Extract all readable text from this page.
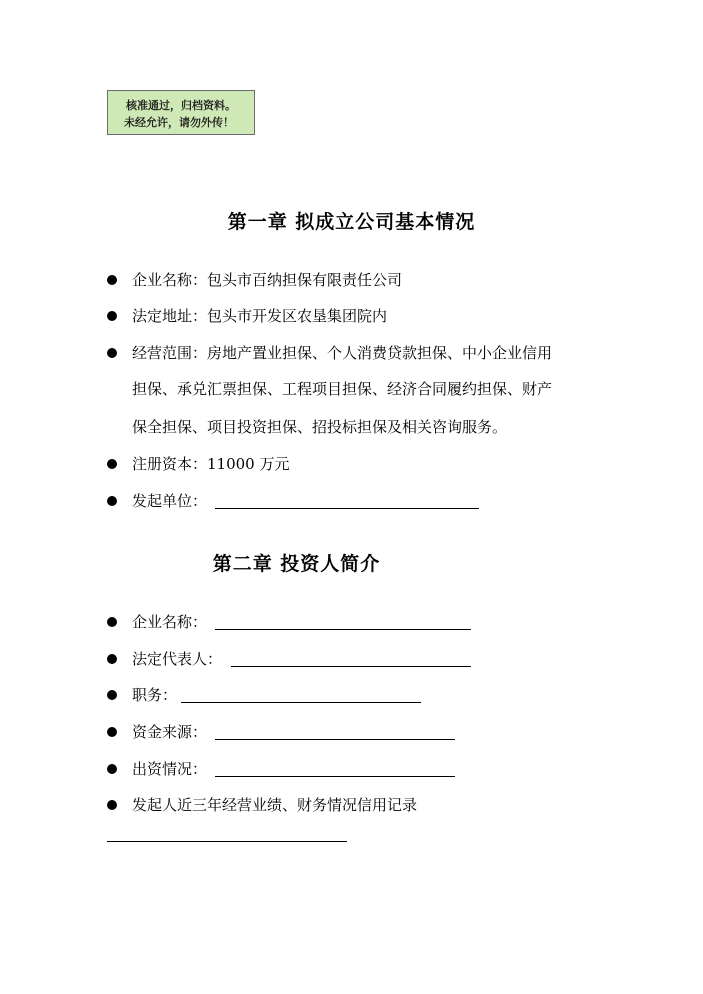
核准通过，归档资料。
未经允许，请勿外传！
第一章 拟成立公司基本情况
企业名称：包头市百纳担保有限责任公司
法定地址：包头市开发区农垦集团院内
经营范围：房地产置业担保、个人消费贷款担保、中小企业信用
担保、承兑汇票担保、工程项目担保、经济合同履约担保、财产
保全担保、项目投资担保、招投标担保及相关咨询服务。
注册资本：11000 万元
发起单位：
第二章 投资人简介
企业名称：
法定代表人：
职务：
资金来源：
出资情况：
发起人近三年经营业绩、财务情况信用记录
